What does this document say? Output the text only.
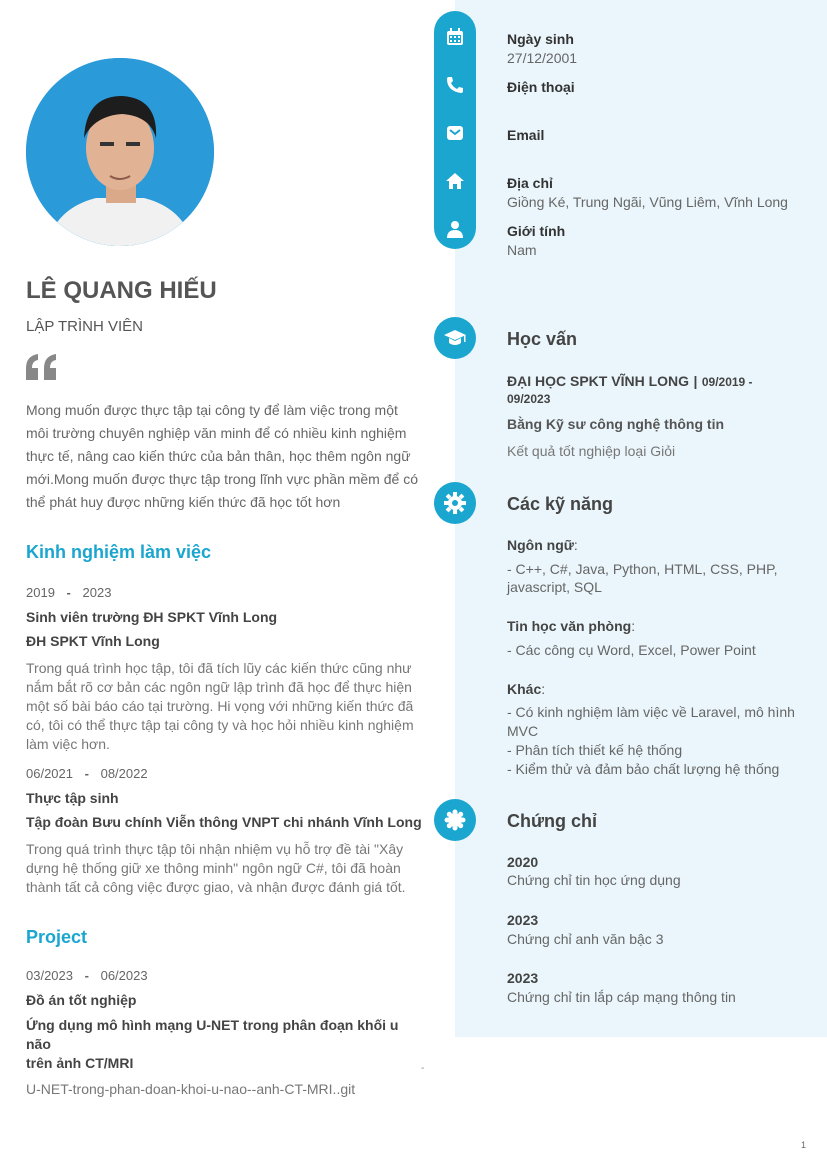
LÊ QUANG HIẾU
LẬP TRÌNH VIÊN
Mong muốn được thực tập tại công ty để làm việc trong một
môi trường chuyên nghiệp văn minh để có nhiều kinh nghiệm
thực tế, nâng cao kiến thức của bản thân, học thêm ngôn ngữ
mới.Mong muốn được thực tập trong lĩnh vực phần mềm để có
thể phát huy được những kiến thức đã học tốt hơn
Kinh nghiệm làm việc
2019 - 2023
Sinh viên trường ĐH SPKT Vĩnh Long
ĐH SPKT Vĩnh Long
Trong quá trình học tập, tôi đã tích lũy các kiến thức cũng như
nắm bắt rõ cơ bản các ngôn ngữ lập trình đã học để thực hiện
một số bài báo cáo tại trường. Hi vọng với những kiến thức đã
có, tôi có thể thực tập tại công ty và học hỏi nhiều kinh nghiệm
làm việc hơn.
06/2021 - 08/2022
Thực tập sinh
Tập đoàn Bưu chính Viễn thông VNPT chi nhánh Vĩnh Long
Trong quá trình thực tập tôi nhận nhiệm vụ hỗ trợ đề tài "Xây
dựng hệ thống giữ xe thông minh" ngôn ngữ C#, tôi đã hoàn
thành tất cả công việc được giao, và nhận được đánh giá tốt.
Project
03/2023 - 06/2023
Đồ án tốt nghiệp
Ứng dụng mô hình mạng U-NET trong phân đoạn khối u não
trên ảnh CT/MRI	-
U-NET-trong-phan-doan-khoi-u-nao--anh-CT-MRI..git
Ngày sinh
27/12/2001
Điện thoại
Email
Địa chỉ
Giồng Ké, Trung Ngãi, Vũng Liêm, Vĩnh Long
Giới tính
Nam
Học vấn
ĐẠI HỌC SPKT VĨNH LONG | 09/2019 -
09/2023
Bằng Kỹ sư công nghệ thông tin
Kết quả tốt nghiệp loại Giỏi
Các kỹ năng
Ngôn ngữ:
- C++, C#, Java, Python, HTML, CSS, PHP,
javascript, SQL
Tin học văn phòng:
- Các công cụ Word, Excel, Power Point
Khác:
- Có kinh nghiệm làm việc về Laravel, mô hình
MVC
- Phân tích thiết kế hệ thống
- Kiểm thử và đảm bảo chất lượng hệ thống
Chứng chỉ
2020
Chứng chỉ tin học ứng dụng
2023
Chứng chỉ anh văn bậc 3
2023
Chứng chỉ tin lắp cáp mạng thông tin
1
